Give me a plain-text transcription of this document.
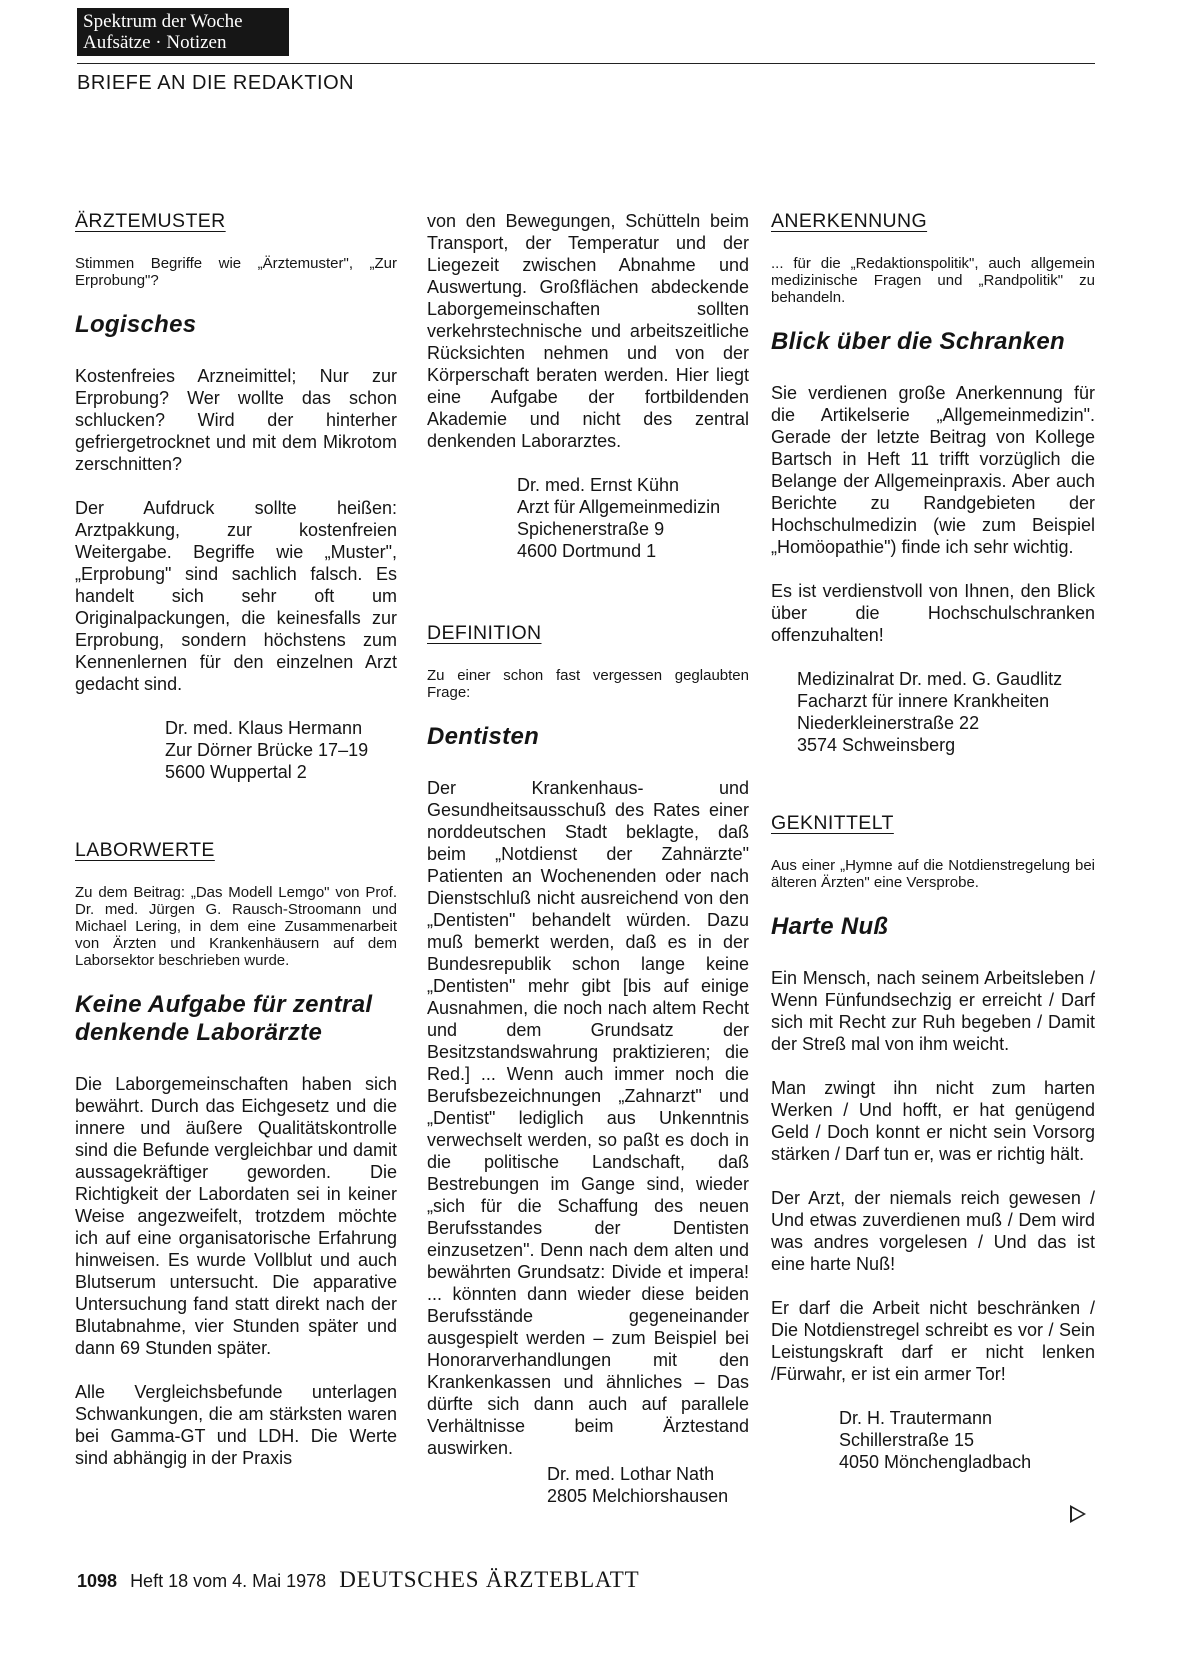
Spektrum der Woche
Aufsätze · Notizen
BRIEFE AN DIE REDAKTION
ÄRZTEMUSTER
Stimmen Begriffe wie „Ärztemuster", „Zur Erprobung"?
Logisches
Kostenfreies Arzneimittel; Nur zur Erprobung? Wer wollte das schon schlucken? Wird der hinterher gefriergetrocknet und mit dem Mikrotom zerschnitten?
Der Aufdruck sollte heißen: Arztpakkung, zur kostenfreien Weitergabe. Begriffe wie „Muster", „Erprobung" sind sachlich falsch. Es handelt sich sehr oft um Originalpackungen, die keinesfalls zur Erprobung, sondern höchstens zum Kennenlernen für den einzelnen Arzt gedacht sind.
Dr. med. Klaus Hermann
Zur Dörner Brücke 17–19
5600 Wuppertal 2
LABORWERTE
Zu dem Beitrag: „Das Modell Lemgo" von Prof. Dr. med. Jürgen G. Rausch-Stroomann und Michael Lering, in dem eine Zusammenarbeit von Ärzten und Krankenhäusern auf dem Laborsektor beschrieben wurde.
Keine Aufgabe für zentral denkende Laborärzte
Die Laborgemeinschaften haben sich bewährt. Durch das Eichgesetz und die innere und äußere Qualitätskontrolle sind die Befunde vergleichbar und damit aussagekräftiger geworden. Die Richtigkeit der Labordaten sei in keiner Weise angezweifelt, trotzdem möchte ich auf eine organisatorische Erfahrung hinweisen. Es wurde Vollblut und auch Blutserum untersucht. Die apparative Untersuchung fand statt direkt nach der Blutabnahme, vier Stunden später und dann 69 Stunden später.
Alle Vergleichsbefunde unterlagen Schwankungen, die am stärksten waren bei Gamma-GT und LDH. Die Werte sind abhängig in der Praxis
von den Bewegungen, Schütteln beim Transport, der Temperatur und der Liegezeit zwischen Abnahme und Auswertung. Großflächen abdeckende Laborgemeinschaften sollten verkehrstechnische und arbeitszeitliche Rücksichten nehmen und von der Körperschaft beraten werden. Hier liegt eine Aufgabe der fortbildenden Akademie und nicht des zentral denkenden Laborarztes.
Dr. med. Ernst Kühn
Arzt für Allgemeinmedizin
Spichenerstraße 9
4600 Dortmund 1
DEFINITION
Zu einer schon fast vergessen geglaubten Frage:
Dentisten
Der Krankenhaus- und Gesundheitsausschuß des Rates einer norddeutschen Stadt beklagte, daß beim „Notdienst der Zahnärzte" Patienten an Wochenenden oder nach Dienstschluß nicht ausreichend von den „Dentisten" behandelt würden. Dazu muß bemerkt werden, daß es in der Bundesrepublik schon lange keine „Dentisten" mehr gibt [bis auf einige Ausnahmen, die noch nach altem Recht und dem Grundsatz der Besitzstandswahrung praktizieren; die Red.] ... Wenn auch immer noch die Berufsbezeichnungen „Zahnarzt" und „Dentist" lediglich aus Unkenntnis verwechselt werden, so paßt es doch in die politische Landschaft, daß Bestrebungen im Gange sind, wieder „sich für die Schaffung des neuen Berufsstandes der Dentisten einzusetzen". Denn nach dem alten und bewährten Grundsatz: Divide et impera! ... könnten dann wieder diese beiden Berufsstände gegeneinander ausgespielt werden – zum Beispiel bei Honorarverhandlungen mit den Krankenkassen und ähnliches – Das dürfte sich dann auch auf parallele Verhältnisse beim Ärztestand auswirken.
Dr. med. Lothar Nath
2805 Melchiorshausen
ANERKENNUNG
... für die „Redaktionspolitik", auch allgemein medizinische Fragen und „Randpolitik" zu behandeln.
Blick über die Schranken
Sie verdienen große Anerkennung für die Artikelserie „Allgemeinmedizin". Gerade der letzte Beitrag von Kollege Bartsch in Heft 11 trifft vorzüglich die Belange der Allgemeinpraxis. Aber auch Berichte zu Randgebieten der Hochschulmedizin (wie zum Beispiel „Homöopathie") finde ich sehr wichtig.
Es ist verdienstvoll von Ihnen, den Blick über die Hochschulschranken offenzuhalten!
Medizinalrat Dr. med. G. Gaudlitz
Facharzt für innere Krankheiten
Niederkleinerstraße 22
3574 Schweinsberg
GEKNITTELT
Aus einer „Hymne auf die Notdienstregelung bei älteren Ärzten" eine Versprobe.
Harte Nuß
Ein Mensch, nach seinem Arbeitsleben / Wenn Fünfundsechzig er erreicht / Darf sich mit Recht zur Ruh begeben / Damit der Streß mal von ihm weicht.
Man zwingt ihn nicht zum harten Werken / Und hofft, er hat genügend Geld / Doch konnt er nicht sein Vorsorg stärken / Darf tun er, was er richtig hält.
Der Arzt, der niemals reich gewesen / Und etwas zuverdienen muß / Dem wird was andres vorgelesen / Und das ist eine harte Nuß!
Er darf die Arbeit nicht beschränken / Die Notdienstregel schreibt es vor / Sein Leistungskraft darf er nicht lenken /Fürwahr, er ist ein armer Tor!
Dr. H. Trautermann
Schillerstraße 15
4050 Mönchengladbach
1098 Heft 18 vom 4. Mai 1978 DEUTSCHES ÄRZTEBLATT
